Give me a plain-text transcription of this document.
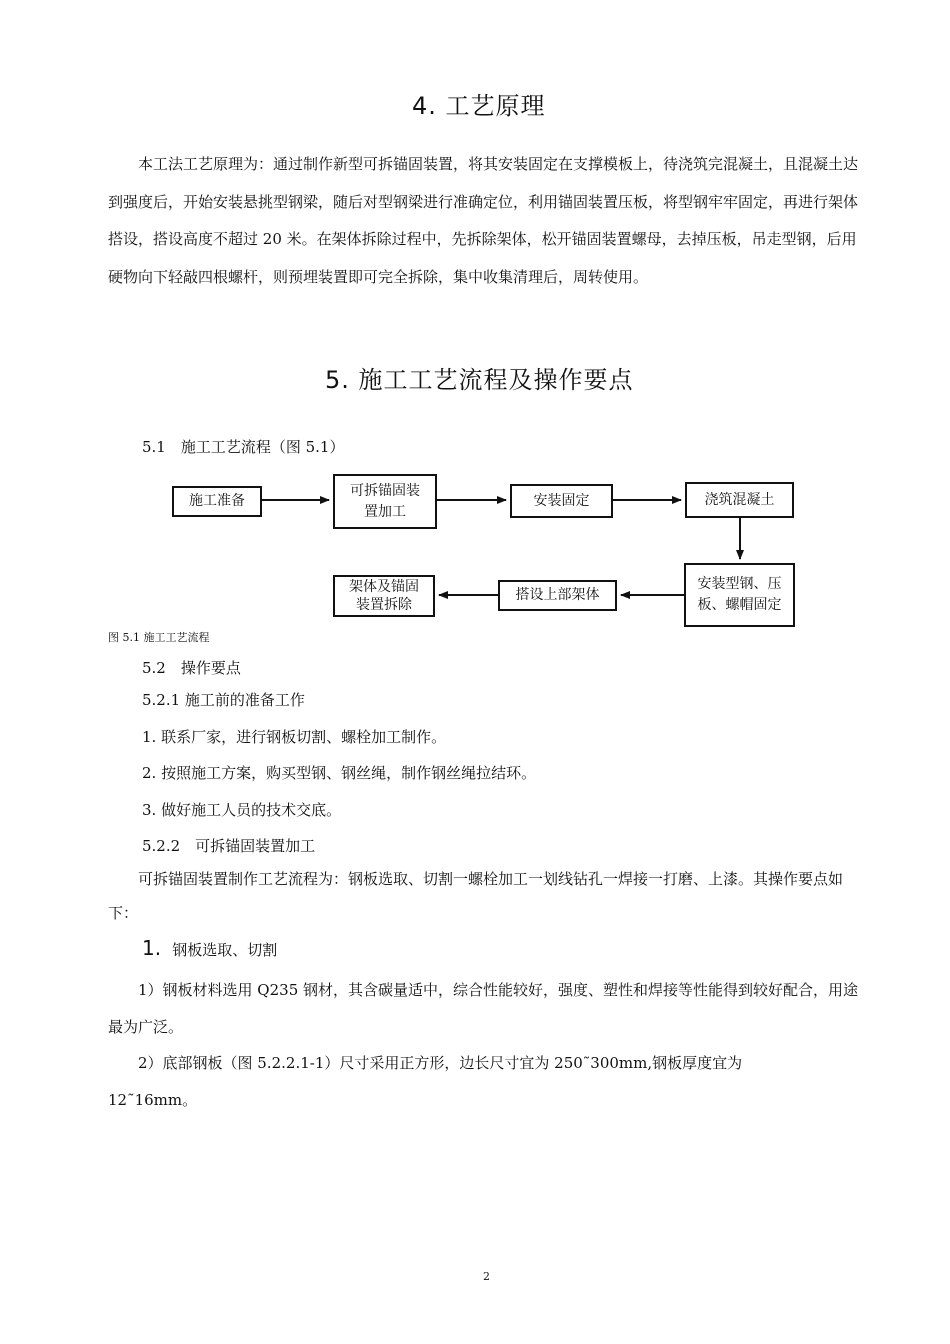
4. 工艺原理
本工法工艺原理为：通过制作新型可拆锚固装置，将其安装固定在支撑模板上，待浇筑完混凝土，且混凝土达到强度后，开始安装悬挑型钢梁，随后对型钢梁进行准确定位，利用锚固装置压板，将型钢牢牢固定，再进行架体搭设，搭设高度不超过 20 米。在架体拆除过程中，先拆除架体，松开锚固装置螺母，去掉压板，吊走型钢，后用硬物向下轻敲四根螺杆，则预埋装置即可完全拆除，集中收集清理后，周转使用。
5. 施工工艺流程及操作要点
5.1　施工工艺流程（图 5.1）
施工准备
可拆锚固装置加工
安装固定	浇筑混凝土
安装型钢、压板、螺帽固定
搭设上部架体
架体及锚固装置拆除
图 5.1 施工工艺流程
5.2　操作要点
5.2.1 施工前的准备工作
1. 联系厂家，进行钢板切割、螺栓加工制作。
2. 按照施工方案，购买型钢、钢丝绳，制作钢丝绳拉结环。
3. 做好施工人员的技术交底。
5.2.2　可拆锚固装置加工
可拆锚固装置制作工艺流程为：钢板选取、切割一螺栓加工一划线钻孔一焊接一打磨、上漆。其操作要点如下：
1. 钢板选取、切割
1）钢板材料选用 Q235 钢材，其含碳量适中，综合性能较好，强度、塑性和焊接等性能得到较好配合，用途最为广泛。
2）底部钢板（图 5.2.2.1-1）尺寸采用正方形，边长尺寸宜为 250˜300mm,钢板厚度宜为 12˜16mm。
2
